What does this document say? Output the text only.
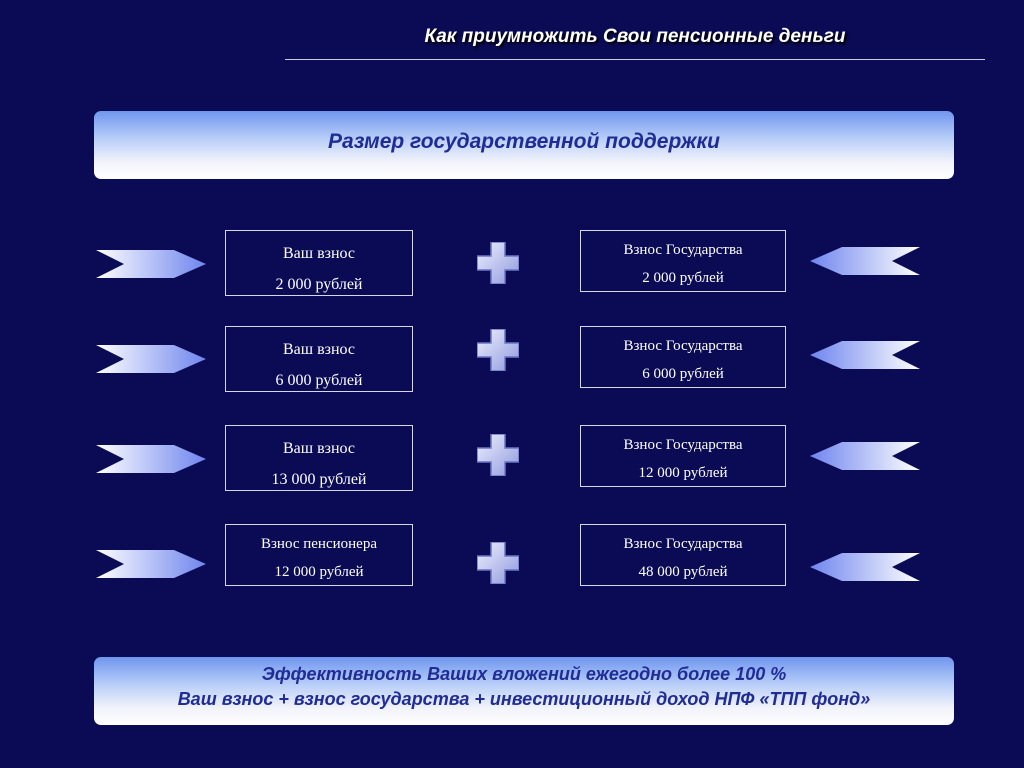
Как приумножить Свои пенсионные деньги
Размер государственной поддержки
Ваш взнос
2 000 рублей
Взнос Государства
2 000 рублей
Ваш взнос
6 000 рублей
Взнос Государства
6 000 рублей
Ваш взнос
13 000 рублей
Взнос Государства
12 000 рублей
Взнос пенсионера
12 000 рублей
Взнос Государства
48 000 рублей
Эффективность Ваших вложений ежегодно более 100 %
Ваш взнос + взнос государства + инвестиционный доход НПФ «ТПП фонд»
